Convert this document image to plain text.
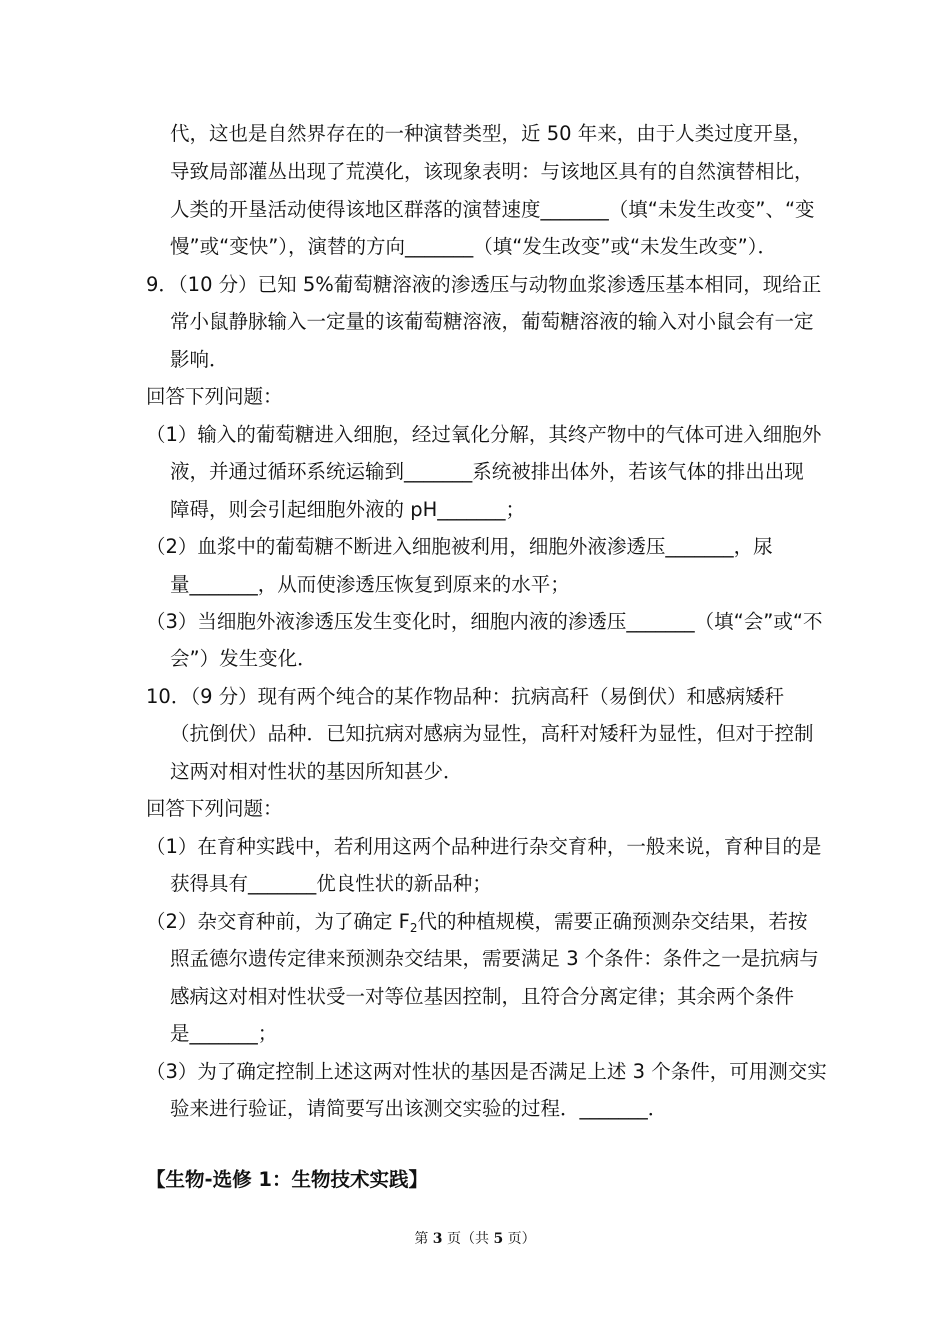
代，这也是自然界存在的一种演替类型，近 50 年来，由于人类过度开垦，
导致局部灌丛出现了荒漠化，该现象表明：与该地区具有的自然演替相比，
人类的开垦活动使得该地区群落的演替速度_______（填“未发生改变”、“变
慢”或“变快”），演替的方向_______（填“发生改变”或“未发生改变”）．
9．（10 分）已知 5%葡萄糖溶液的渗透压与动物血浆渗透压基本相同，现给正
常小鼠静脉输入一定量的该葡萄糖溶液，葡萄糖溶液的输入对小鼠会有一定
影响．
回答下列问题：
（1）输入的葡萄糖进入细胞，经过氧化分解，其终产物中的气体可进入细胞外
液，并通过循环系统运输到_______系统被排出体外，若该气体的排出出现
障碍，则会引起细胞外液的 pH_______；
（2）血浆中的葡萄糖不断进入细胞被利用，细胞外液渗透压_______，尿
量_______，从而使渗透压恢复到原来的水平；
（3）当细胞外液渗透压发生变化时，细胞内液的渗透压_______（填“会”或“不
会”）发生变化．
10．（9 分）现有两个纯合的某作物品种：抗病高秆（易倒伏）和感病矮秆
（抗倒伏）品种．已知抗病对感病为显性，高秆对矮秆为显性，但对于控制
这两对相对性状的基因所知甚少．
回答下列问题：
（1）在育种实践中，若利用这两个品种进行杂交育种，一般来说，育种目的是
获得具有_______优良性状的新品种；
（2）杂交育种前，为了确定 $F_2$代的种植规模，需要正确预测杂交结果，若按
照孟德尔遗传定律来预测杂交结果，需要满足 3 个条件：条件之一是抗病与
感病这对相对性状受一对等位基因控制，且符合分离定律；其余两个条件
是_______；
（3）为了确定控制上述这两对性状的基因是否满足上述 3 个条件，可用测交实
验来进行验证，请简要写出该测交实验的过程．_______．
【生物-选修 1：生物技术实践】
第 3 页（共 5 页）
